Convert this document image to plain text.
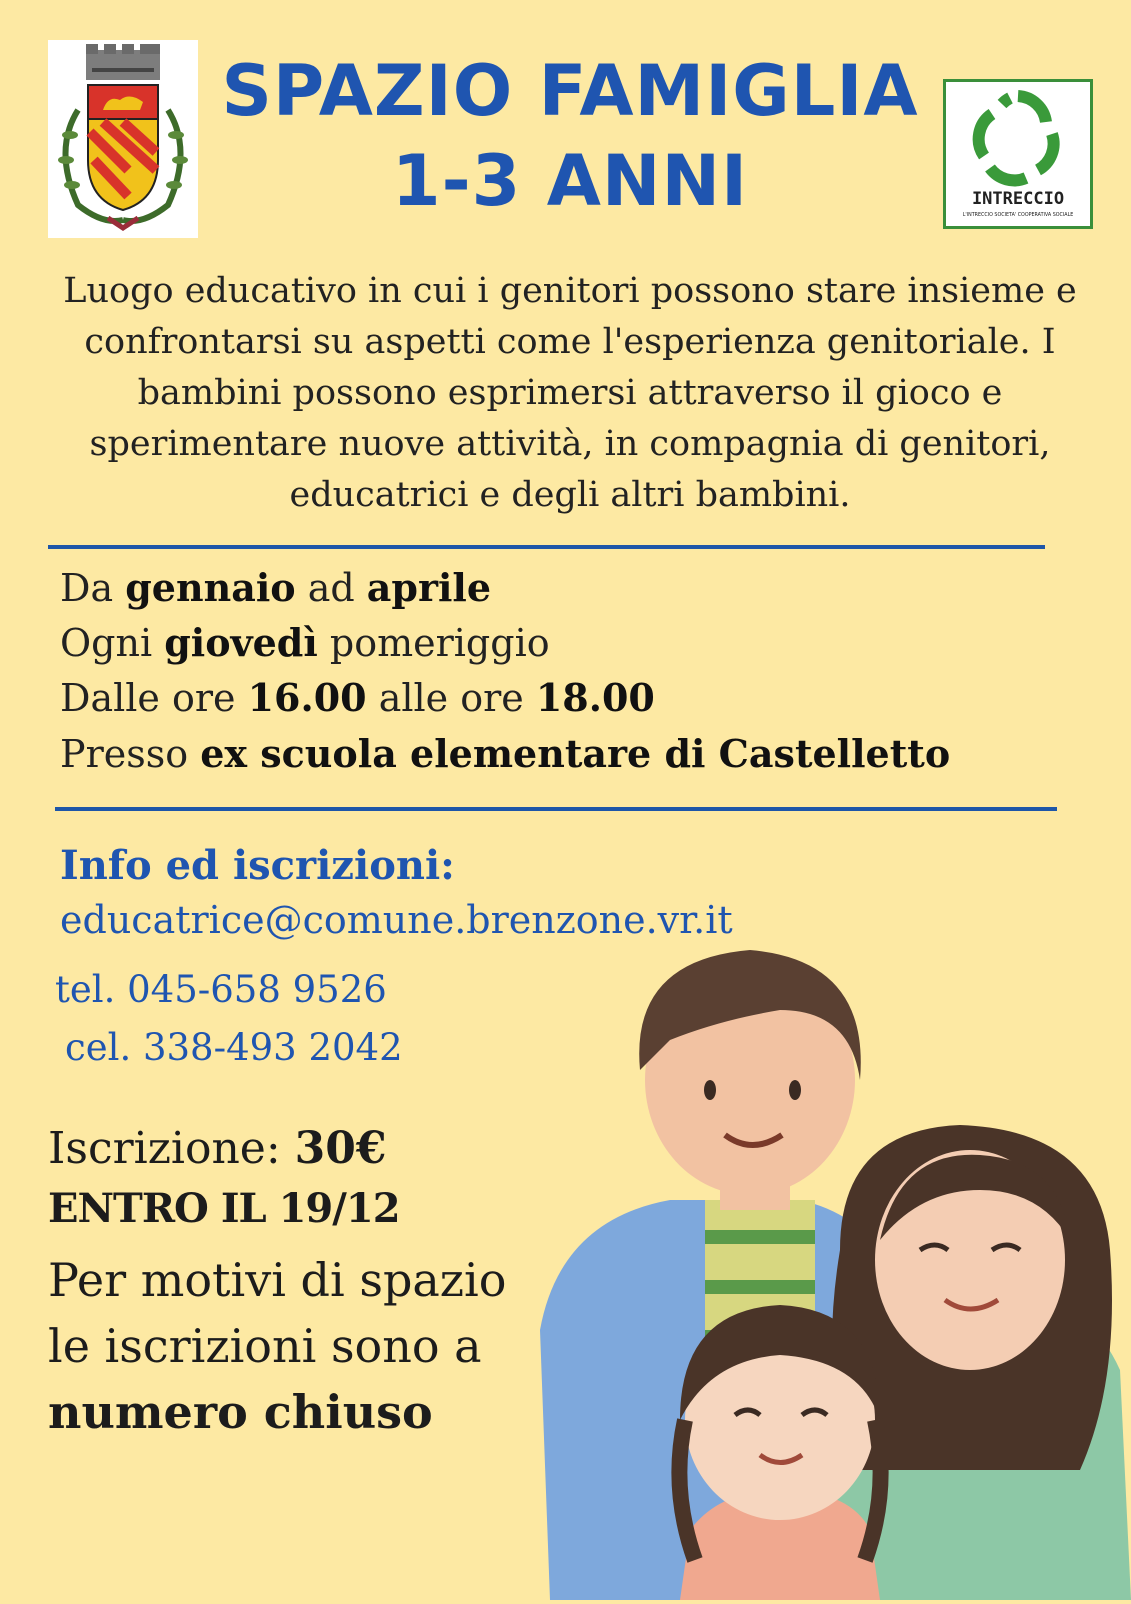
SPAZIO FAMIGLIA
1-3 ANNI	INTRECCIO
L'INTRECCIO SOCIETA' COOPERATIVA SOCIALE
Luogo educativo in cui i genitori possono stare insieme e confrontarsi su aspetti come l'esperienza genitoriale. I bambini possono esprimersi attraverso il gioco e sperimentare nuove attività, in compagnia di genitori, educatrici e degli altri bambini.
Da gennaio ad aprile
Ogni giovedì pomeriggio
Dalle ore 16.00 alle ore 18.00
Presso ex scuola elementare di Castelletto
Info ed iscrizioni:
educatrice@comune.brenzone.vr.it
tel. 045-658 9526
cel. 338-493 2042
Iscrizione: 30€
ENTRO IL 19/12
Per motivi di spazio le iscrizioni sono a numero chiuso
